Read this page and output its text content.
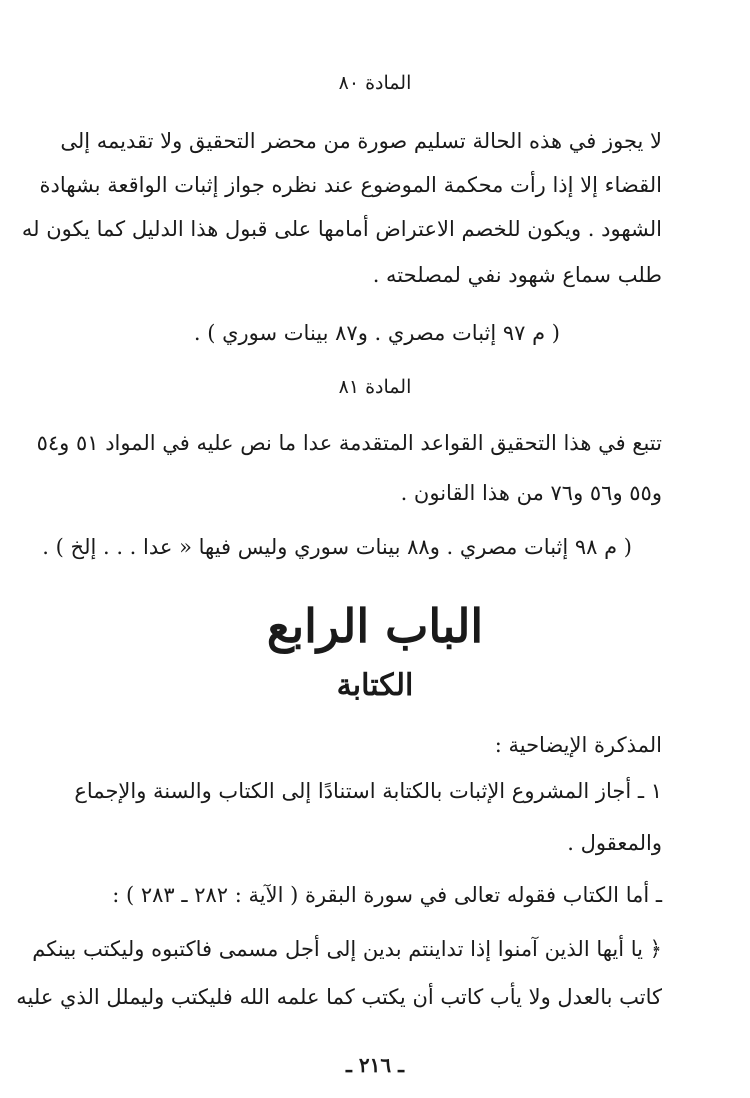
المادة ٨٠
لا يجوز في هذه الحالة تسليم صورة من محضر التحقيق ولا تقديمه إلى
القضاء إلا إذا رأت محكمة الموضوع عند نظره جواز إثبات الواقعة بشهادة
الشهود . ويكون للخصم الاعتراض أمامها على قبول هذا الدليل كما يكون له
طلب سماع شهود نفي لمصلحته .
( م ٩٧ إثبات مصري . و٨٧ بينات سوري ) .
المادة ٨١
تتبع في هذا التحقيق القواعد المتقدمة عدا ما نص عليه في المواد ٥١ و٥٤
و٥٥ و٥٦ و٧٦ من هذا القانون .
( م ٩٨ إثبات مصري . و٨٨ بينات سوري وليس فيها « عدا . . . إلخ ) .
الباب الرابع
الكتابة
المذكرة الإيضاحية :
١ ـ أجاز المشروع الإثبات بالكتابة استنادًا إلى الكتاب والسنة والإجماع
والمعقول .
ـ أما الكتاب فقوله تعالى في سورة البقرة ( الآية : ٢٨٢ ـ ٢٨٣ ) :
﴿ يا أيها الذين آمنوا إذا تداينتم بدين إلى أجل مسمى فاكتبوه وليكتب بينكم
كاتب بالعدل ولا يأب كاتب أن يكتب كما علمه الله فليكتب وليملل الذي عليه
ـ ٢١٦ ـ
